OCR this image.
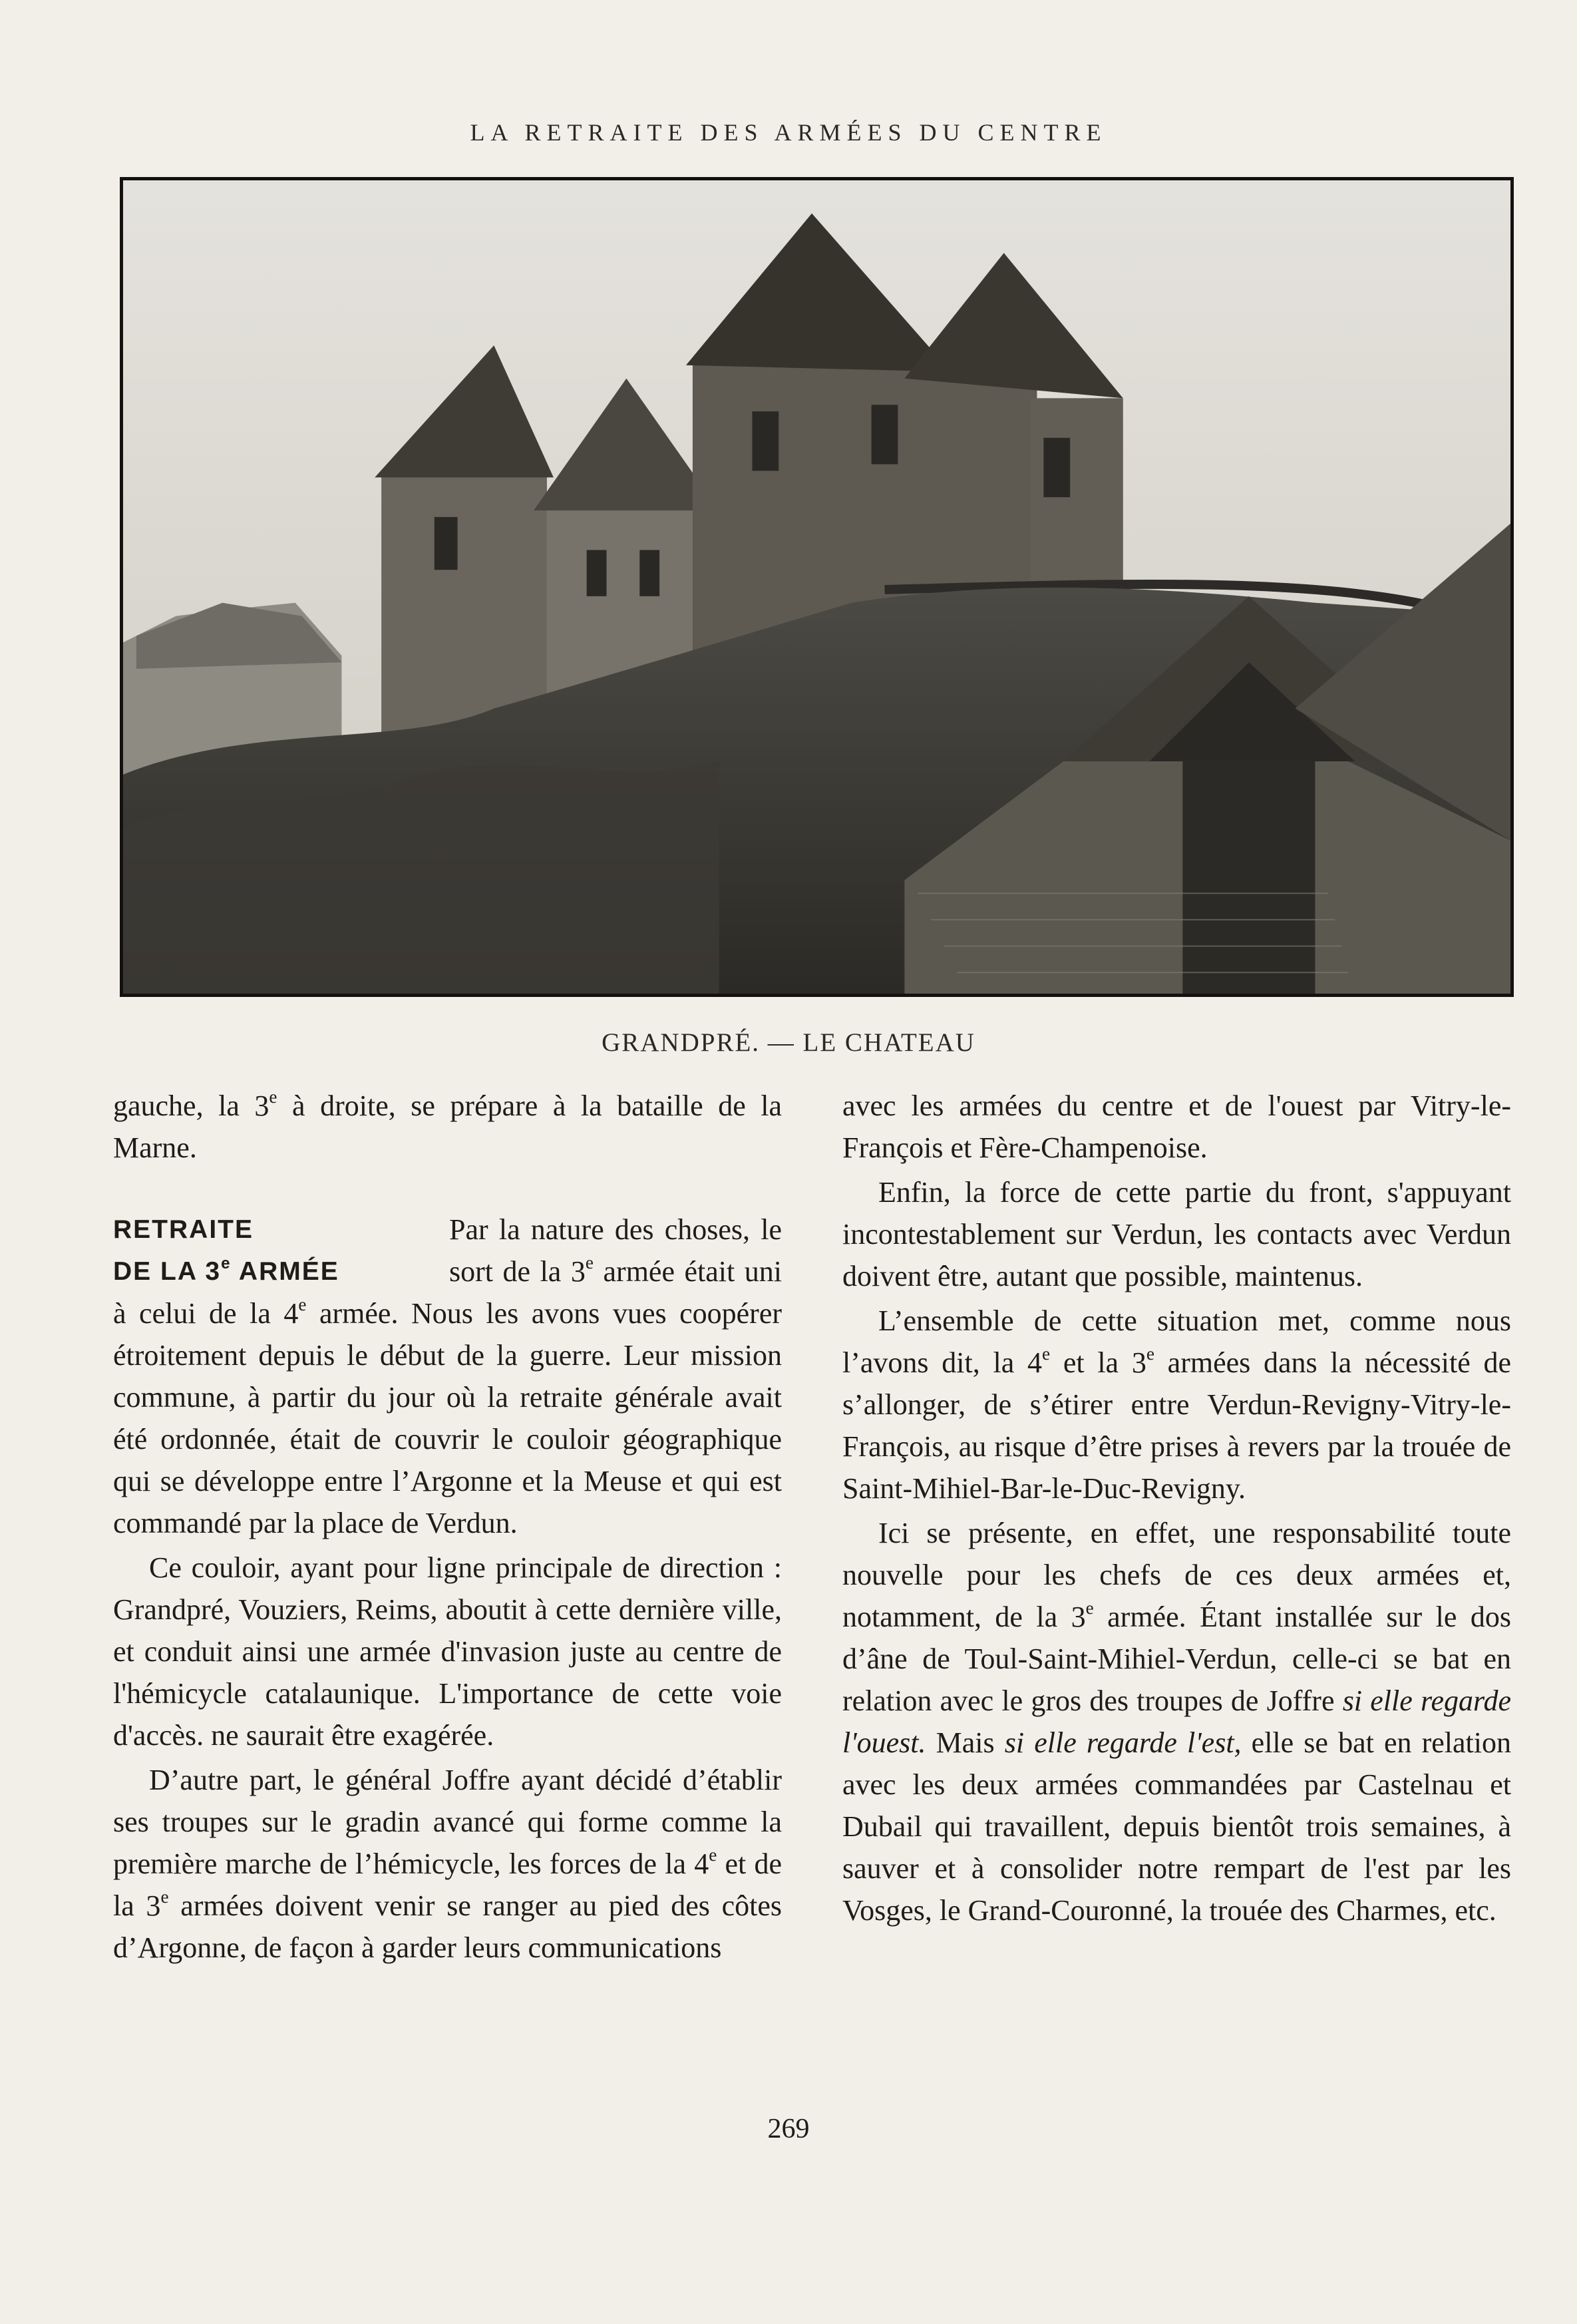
LA RETRAITE DES ARMÉES DU CENTRE
GRANDPRÉ. — LE CHATEAU

gauche, la 3e à droite, se prépare à la bataille de la Marne.

RETRAITE
DE LA 3e ARMÉE
Par la nature des choses, le sort de la 3e armée était uni à celui de la 4e armée. Nous les avons vues coopérer étroitement depuis le début de la guerre. Leur mission commune, à partir du jour où la retraite générale avait été ordonnée, était de couvrir le couloir géographique qui se développe entre l’Argonne et la Meuse et qui est commandé par la place de Verdun.

Ce couloir, ayant pour ligne principale de direction : Grandpré, Vouziers, Reims, aboutit à cette dernière ville, et conduit ainsi une armée d'invasion juste au centre de l'hémicycle catalaunique. L'importance de cette voie d'accès. ne saurait être exagérée.

D’autre part, le général Joffre ayant décidé d’établir ses troupes sur le gradin avancé qui forme comme la première marche de l’hémicycle, les forces de la 4e et de la 3e armées doivent venir se ranger au pied des côtes d’Argonne, de façon à garder leurs communications

avec les armées du centre et de l'ouest par Vitry-le-François et Fère-Champenoise.

Enfin, la force de cette partie du front, s'appuyant incontestablement sur Verdun, les contacts avec Verdun doivent être, autant que possible, maintenus.

L’ensemble de cette situation met, comme nous l’avons dit, la 4e et la 3e armées dans la nécessité de s’allonger, de s’étirer entre Verdun-Revigny-Vitry-le-François, au risque d’être prises à revers par la trouée de Saint-Mihiel-Bar-le-Duc-Revigny.

Ici se présente, en effet, une responsabilité toute nouvelle pour les chefs de ces deux armées et, notamment, de la 3e armée. Étant installée sur le dos d’âne de Toul-Saint-Mihiel-Verdun, celle-ci se bat en relation avec le gros des troupes de Joffre si elle regarde l'ouest. Mais si elle regarde l'est, elle se bat en relation avec les deux armées commandées par Castelnau et Dubail qui travaillent, depuis bientôt trois semaines, à sauver et à consolider notre rempart de l'est par les Vosges, le Grand-Couronné, la trouée des Charmes, etc.

269
